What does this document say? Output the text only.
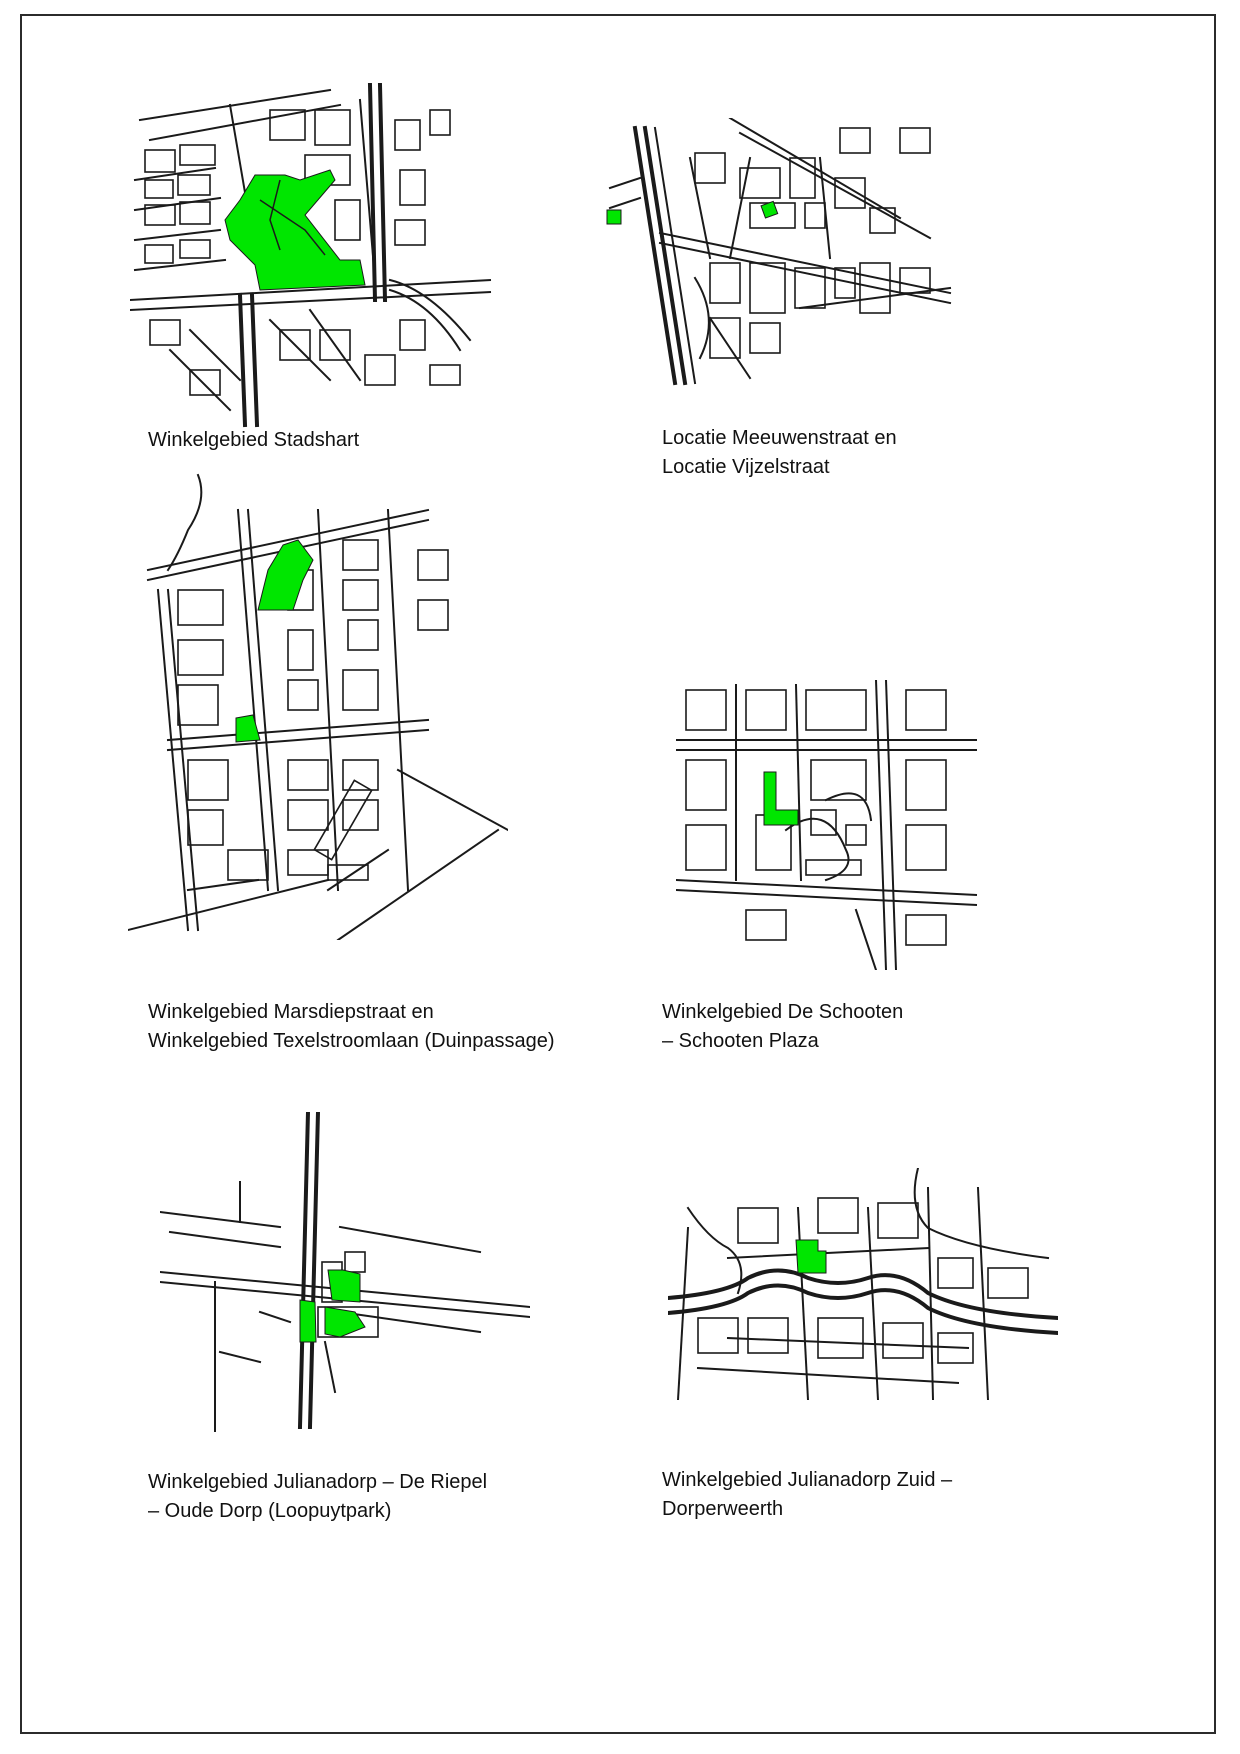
Winkelgebied Stadshart	Locatie Meeuwenstraat en
Locatie Vijzelstraat
Winkelgebied Marsdiepstraat en
Winkelgebied Texelstroomlaan (Duinpassage)
Winkelgebied De Schooten
– Schooten Plaza
Winkelgebied Julianadorp – De Riepel
– Oude Dorp (Loopuytpark)
Winkelgebied Julianadorp Zuid –
Dorperweerth
